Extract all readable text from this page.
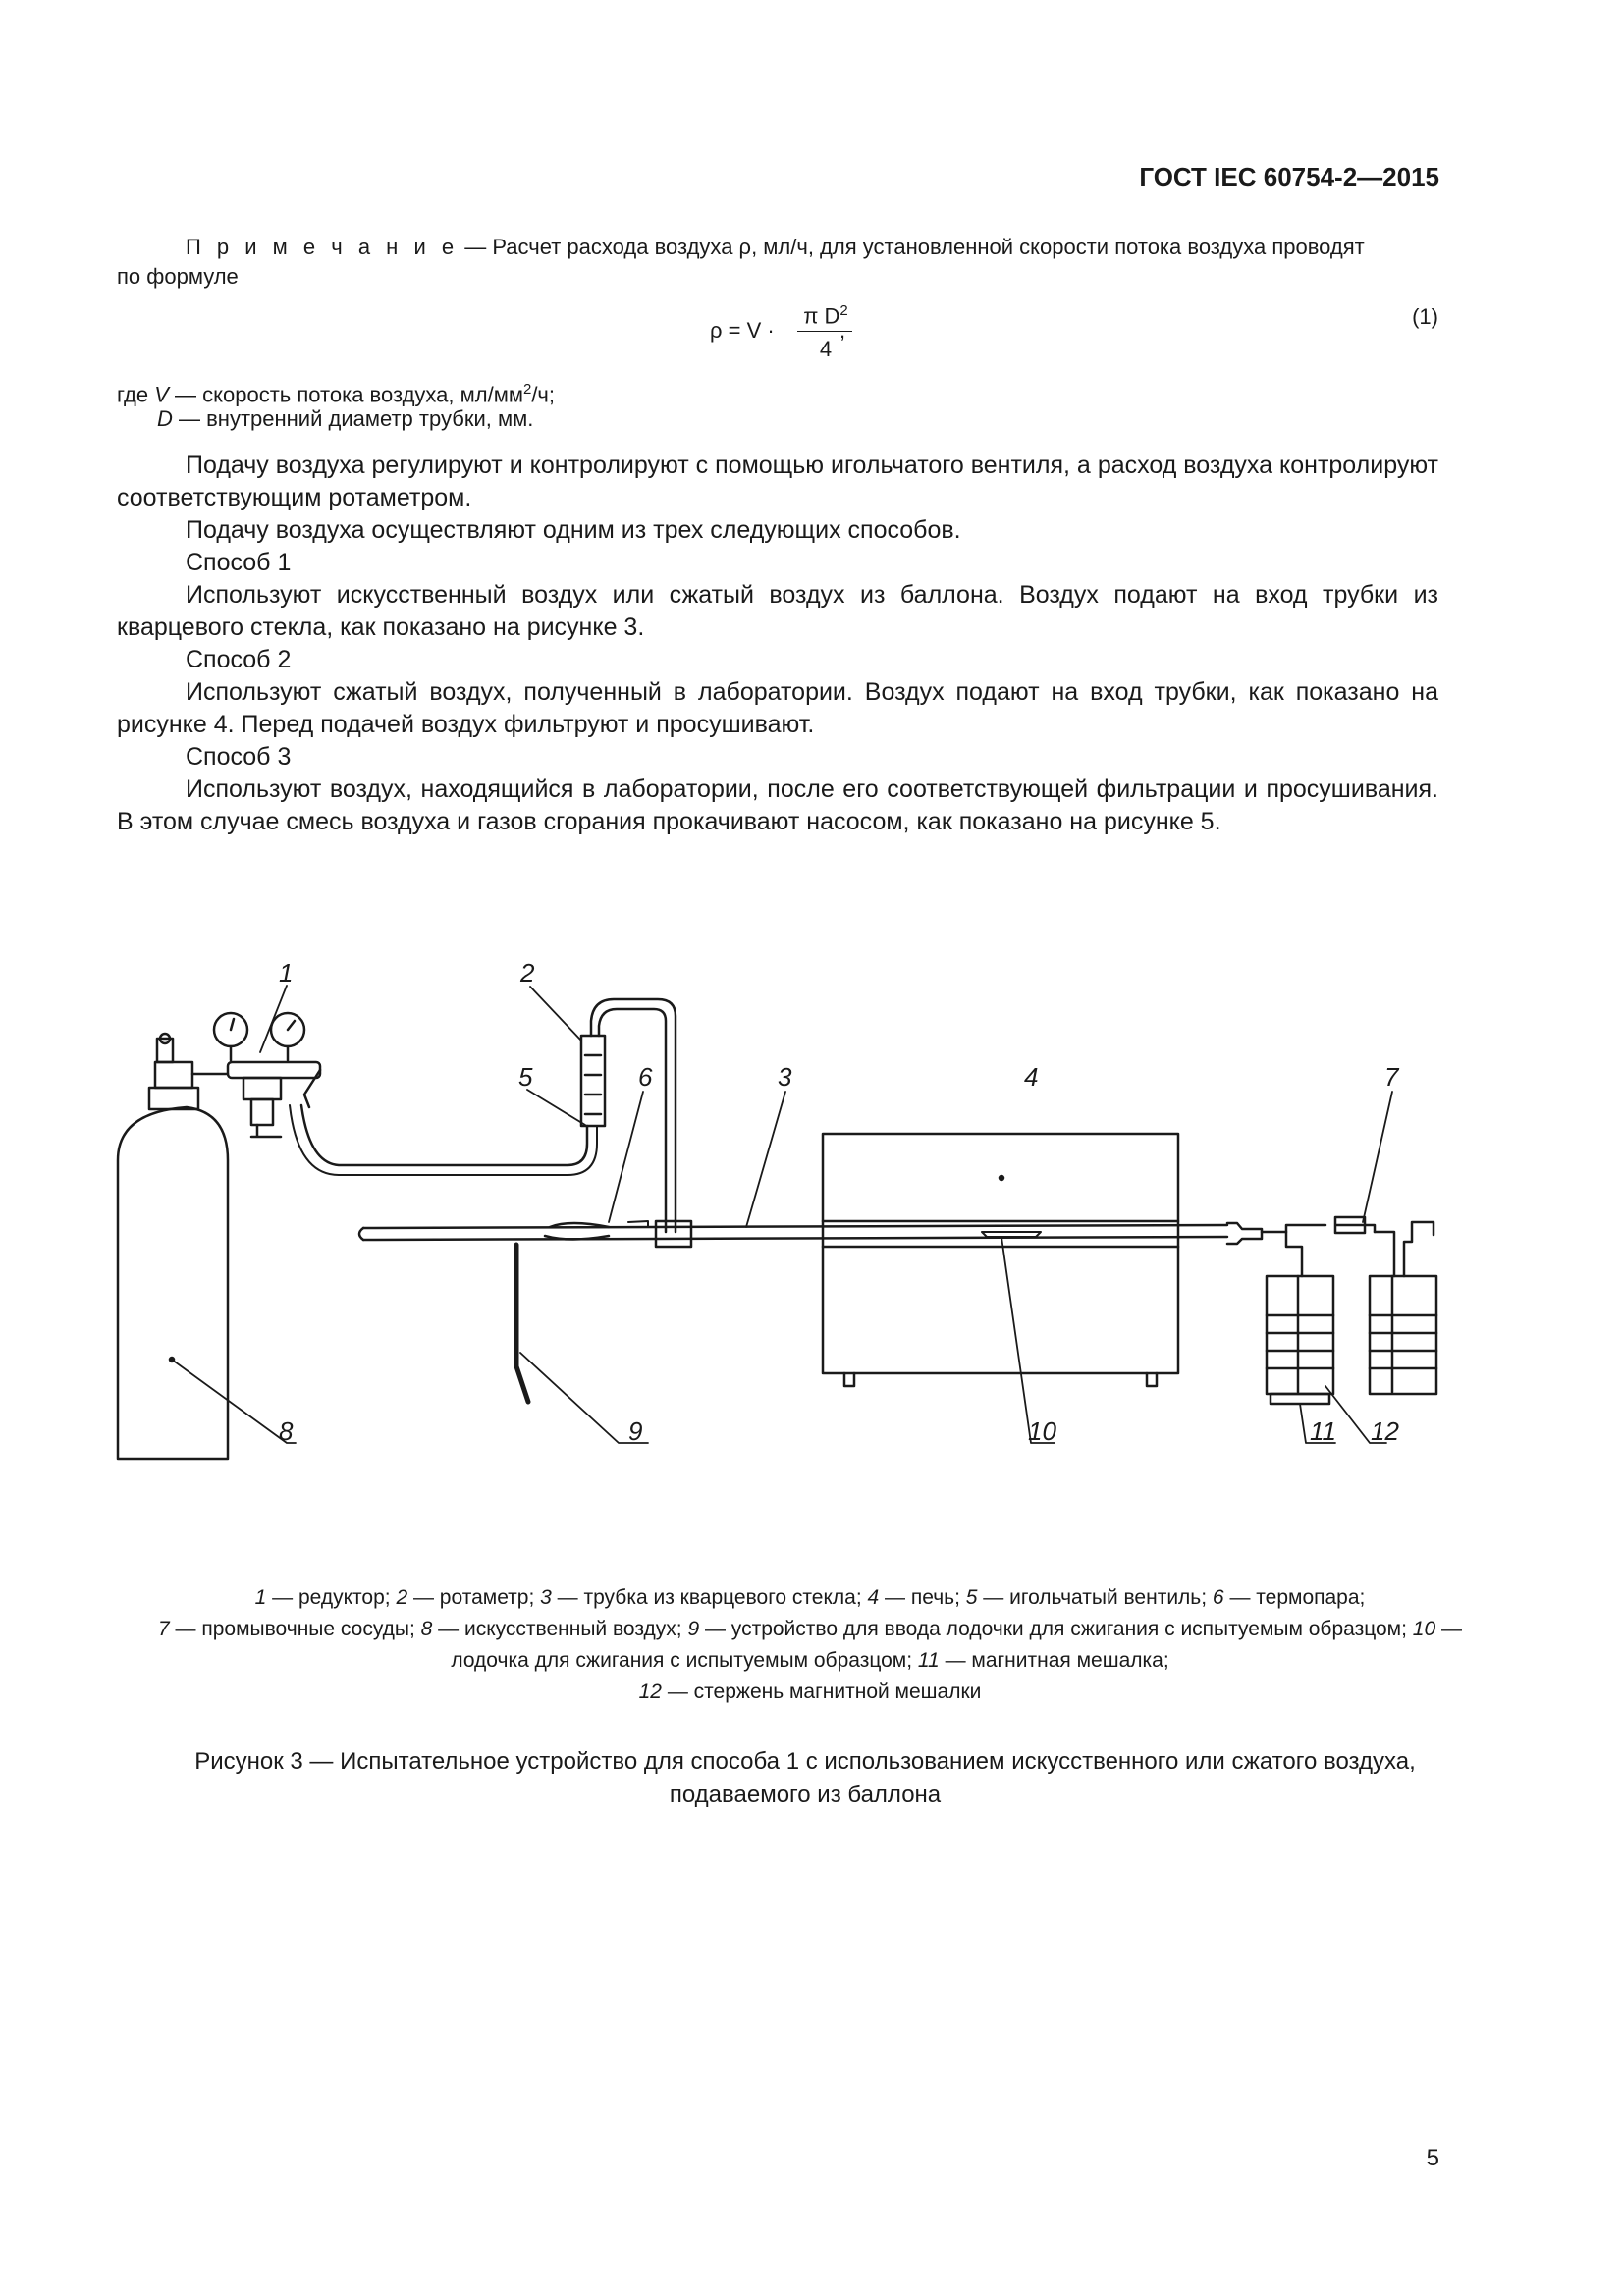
ГОСТ IEC 60754-2—2015
П р и м е ч а н и е — Расчет расхода воздуха ρ, мл/ч, для установленной скорости потока воздуха проводят
по формуле
ρ = V ·
π $D^2$
4
,
(1)
где V — скорость потока воздуха, $мл/мм^2/ч$;
D — внутренний диаметр трубки, мм.
Подачу воздуха регулируют и контролируют с помощью игольчатого вентиля, а расход воздуха контролируют соответствующим ротаметром.
Подачу воздуха осуществляют одним из трех следующих способов.
Способ 1
Используют искусственный воздух или сжатый воздух из баллона. Воздух подают на вход трубки из кварцевого стекла, как показано на рисунке 3.
Способ 2
Используют сжатый воздух, полученный в лаборатории. Воздух подают на вход трубки, как показано на рисунке 4. Перед подачей воздух фильтруют и просушивают.
Способ 3
Используют воздух, находящийся в лаборатории, после его соответствующей фильтрации и просушивания. В этом случае смесь воздуха и газов сгорания прокачивают насосом, как показано на рисунке 5.
1	2
3	4
5	6	7
8	9	10	11 12
1 — редуктор; 2 — ротаметр; 3 — трубка из кварцевого стекла; 4 — печь; 5 — игольчатый вентиль; 6 — термопара;
7 — промывочные сосуды; 8 — искусственный воздух; 9 — устройство для ввода лодочки для сжигания с испытуемым образцом; 10 — лодочка для сжигания с испытуемым образцом; 11 — магнитная мешалка;
12 — стержень магнитной мешалки
Рисунок 3 — Испытательное устройство для способа 1 с использованием искусственного или сжатого воздуха,
подаваемого из баллона
5
